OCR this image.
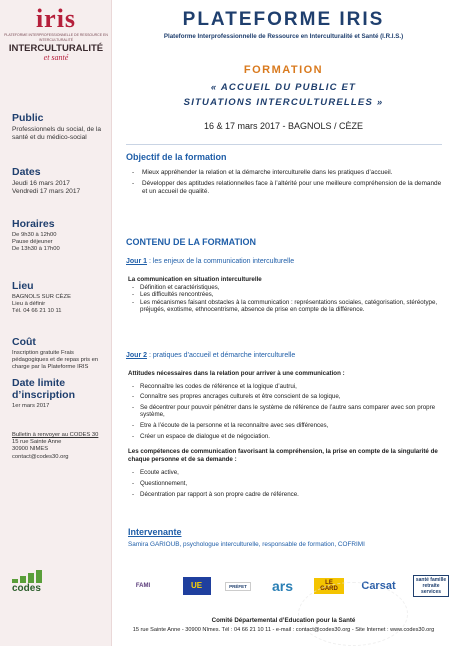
iris
PLATEFORME INTERPROFESSIONNELLE DE RESSOURCE EN INTERCULTURALITÉ
INTERCULTURALITÉ
et santé
Public

Professionnels du social, de la santé et du médico-social

Dates

Jeudi 16 mars 2017

Vendredi 17 mars 2017

Horaires

De 9h30 à 12h00

Pause déjeuner

De 13h30 à 17h00

Lieu

BAGNOLS SUR CÈZE

Lieu à définir

Tél. 04 66 21 10 11

Coût

Inscription gratuite Frais pédagogiques et de repas pris en charge par la Plateforme IRIS

Date limite d’inscription

1er mars 2017

Bulletin à renvoyer au CODES 30

15 rue Sainte Anne

30900 NIMES

contact@codes30.org

codes
PLATEFORME IRIS
Plateforme Interprofessionnelle de Ressource en Interculturalité et Santé (I.R.I.S.)
FORMATION
« ACCUEIL DU PUBLIC ET
SITUATIONS INTERCULTURELLES »
16 & 17 mars 2017 - BAGNOLS / CÈZE
Objectif de la formation
- Mieux appréhender la relation et la démarche interculturelle dans les pratiques d’accueil.
- Développer des aptitudes relationnelles face à l’altérité pour une meilleure compréhension de la demande et un accueil de qualité.
CONTENU DE LA FORMATION
Jour 1 : les enjeux de la communication interculturelle
La communication en situation interculturelle
- Définition et caractéristiques,
- Les difficultés rencontrées,
- Les mécanismes faisant obstacles à la communication : représentations sociales, catégorisation, stéréotype, préjugés, exotisme, ethnocentrisme, absence de prise en compte de la différence.
Jour 2 : pratiques d’accueil et démarche interculturelle
Attitudes nécessaires dans la relation pour arriver à une communication :
- Reconnaître les codes de référence et la logique d’autrui,
- Connaître ses propres ancrages culturels et être conscient de sa logique,
- Se décentrer pour pouvoir pénétrer dans le système de référence de l’autre sans comparer avec son propre système,
- Etre à l’écoute de la personne et la reconnaître avec ses différences,
- Créer un espace de dialogue et de négociation.
Les compétences de communication favorisant la compréhension, la prise en compte de la singularité de chaque personne et de sa demande :
- Ecoute active,
- Questionnement,
- Décentration par rapport à son propre cadre de référence.
Intervenante
Samira GARIOUB, psychologue interculturelle, responsable de formation, COFRIMI
FAMI	UE	PRÉFET	ars	LE GARD	Carsat	santé famille retraite services
Comité Départemental d’Education pour la Santé
15 rue Sainte Anne - 30900 Nîmes. Tél : 04 66 21 10 11 - e-mail : contact@codes30.org - Site Internet : www.codes30.org
